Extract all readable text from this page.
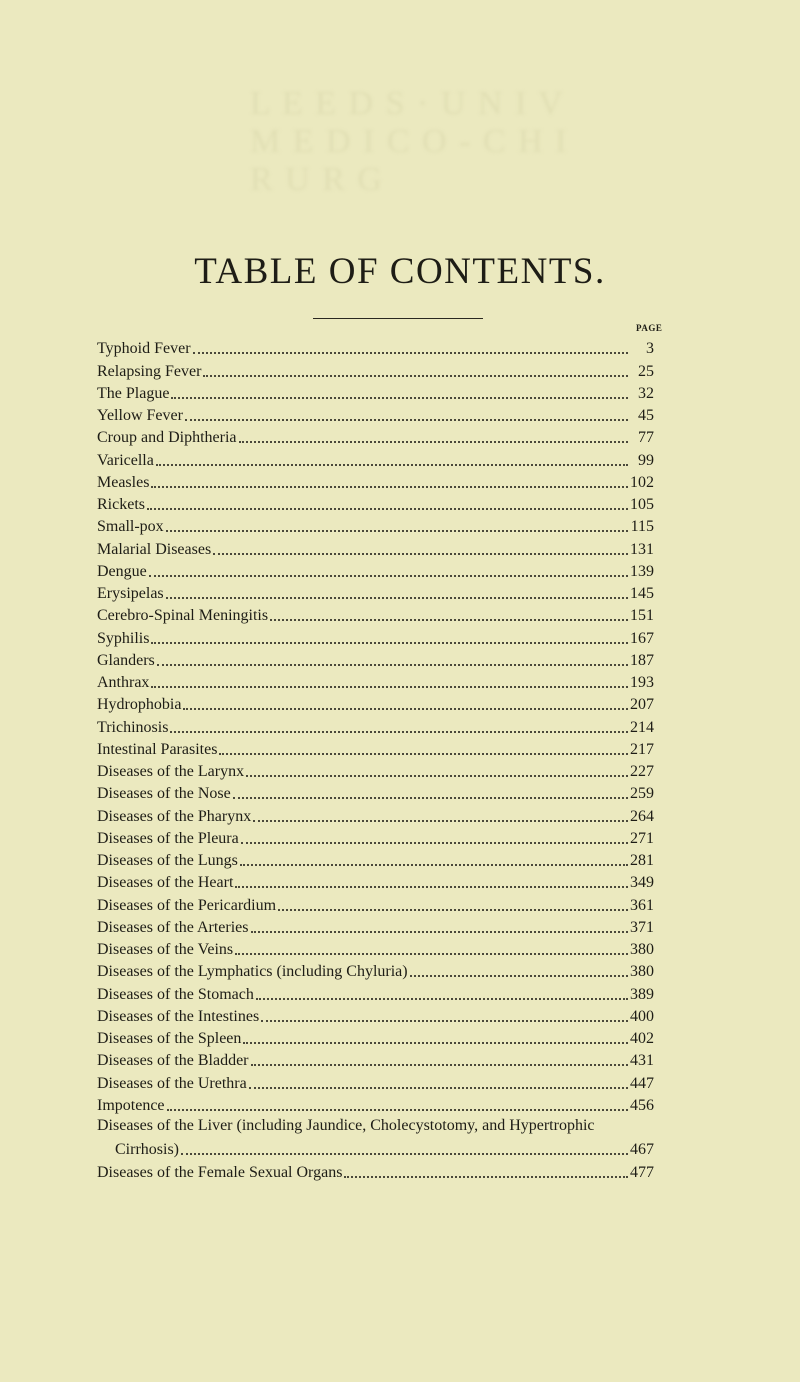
L E E D S · U N I V
M E D I C O - C H I R U R G
TABLE OF CONTENTS.
PAGE
Typhoid Fever	3
Relapsing Fever	25
The Plague	32
Yellow Fever	45
Croup and Diphtheria	77
Varicella	99
Measles	102
Rickets	105
Small-pox	115
Malarial Diseases	131
Dengue	139
Erysipelas	145
Cerebro-Spinal Meningitis	151
Syphilis	167
Glanders	187
Anthrax	193
Hydrophobia	207
Trichinosis	214
Intestinal Parasites	217
Diseases of the Larynx	227
Diseases of the Nose	259
Diseases of the Pharynx	264
Diseases of the Pleura	271
Diseases of the Lungs	281
Diseases of the Heart	349
Diseases of the Pericardium	361
Diseases of the Arteries	371
Diseases of the Veins	380
Diseases of the Lymphatics (including Chyluria)	380
Diseases of the Stomach	389
Diseases of the Intestines	400
Diseases of the Spleen	402
Diseases of the Bladder	431
Diseases of the Urethra	447
Impotence	456
Diseases of the Liver (including Jaundice, Cholecystotomy, and Hypertrophic
Cirrhosis)	467
Diseases of the Female Sexual Organs	477
